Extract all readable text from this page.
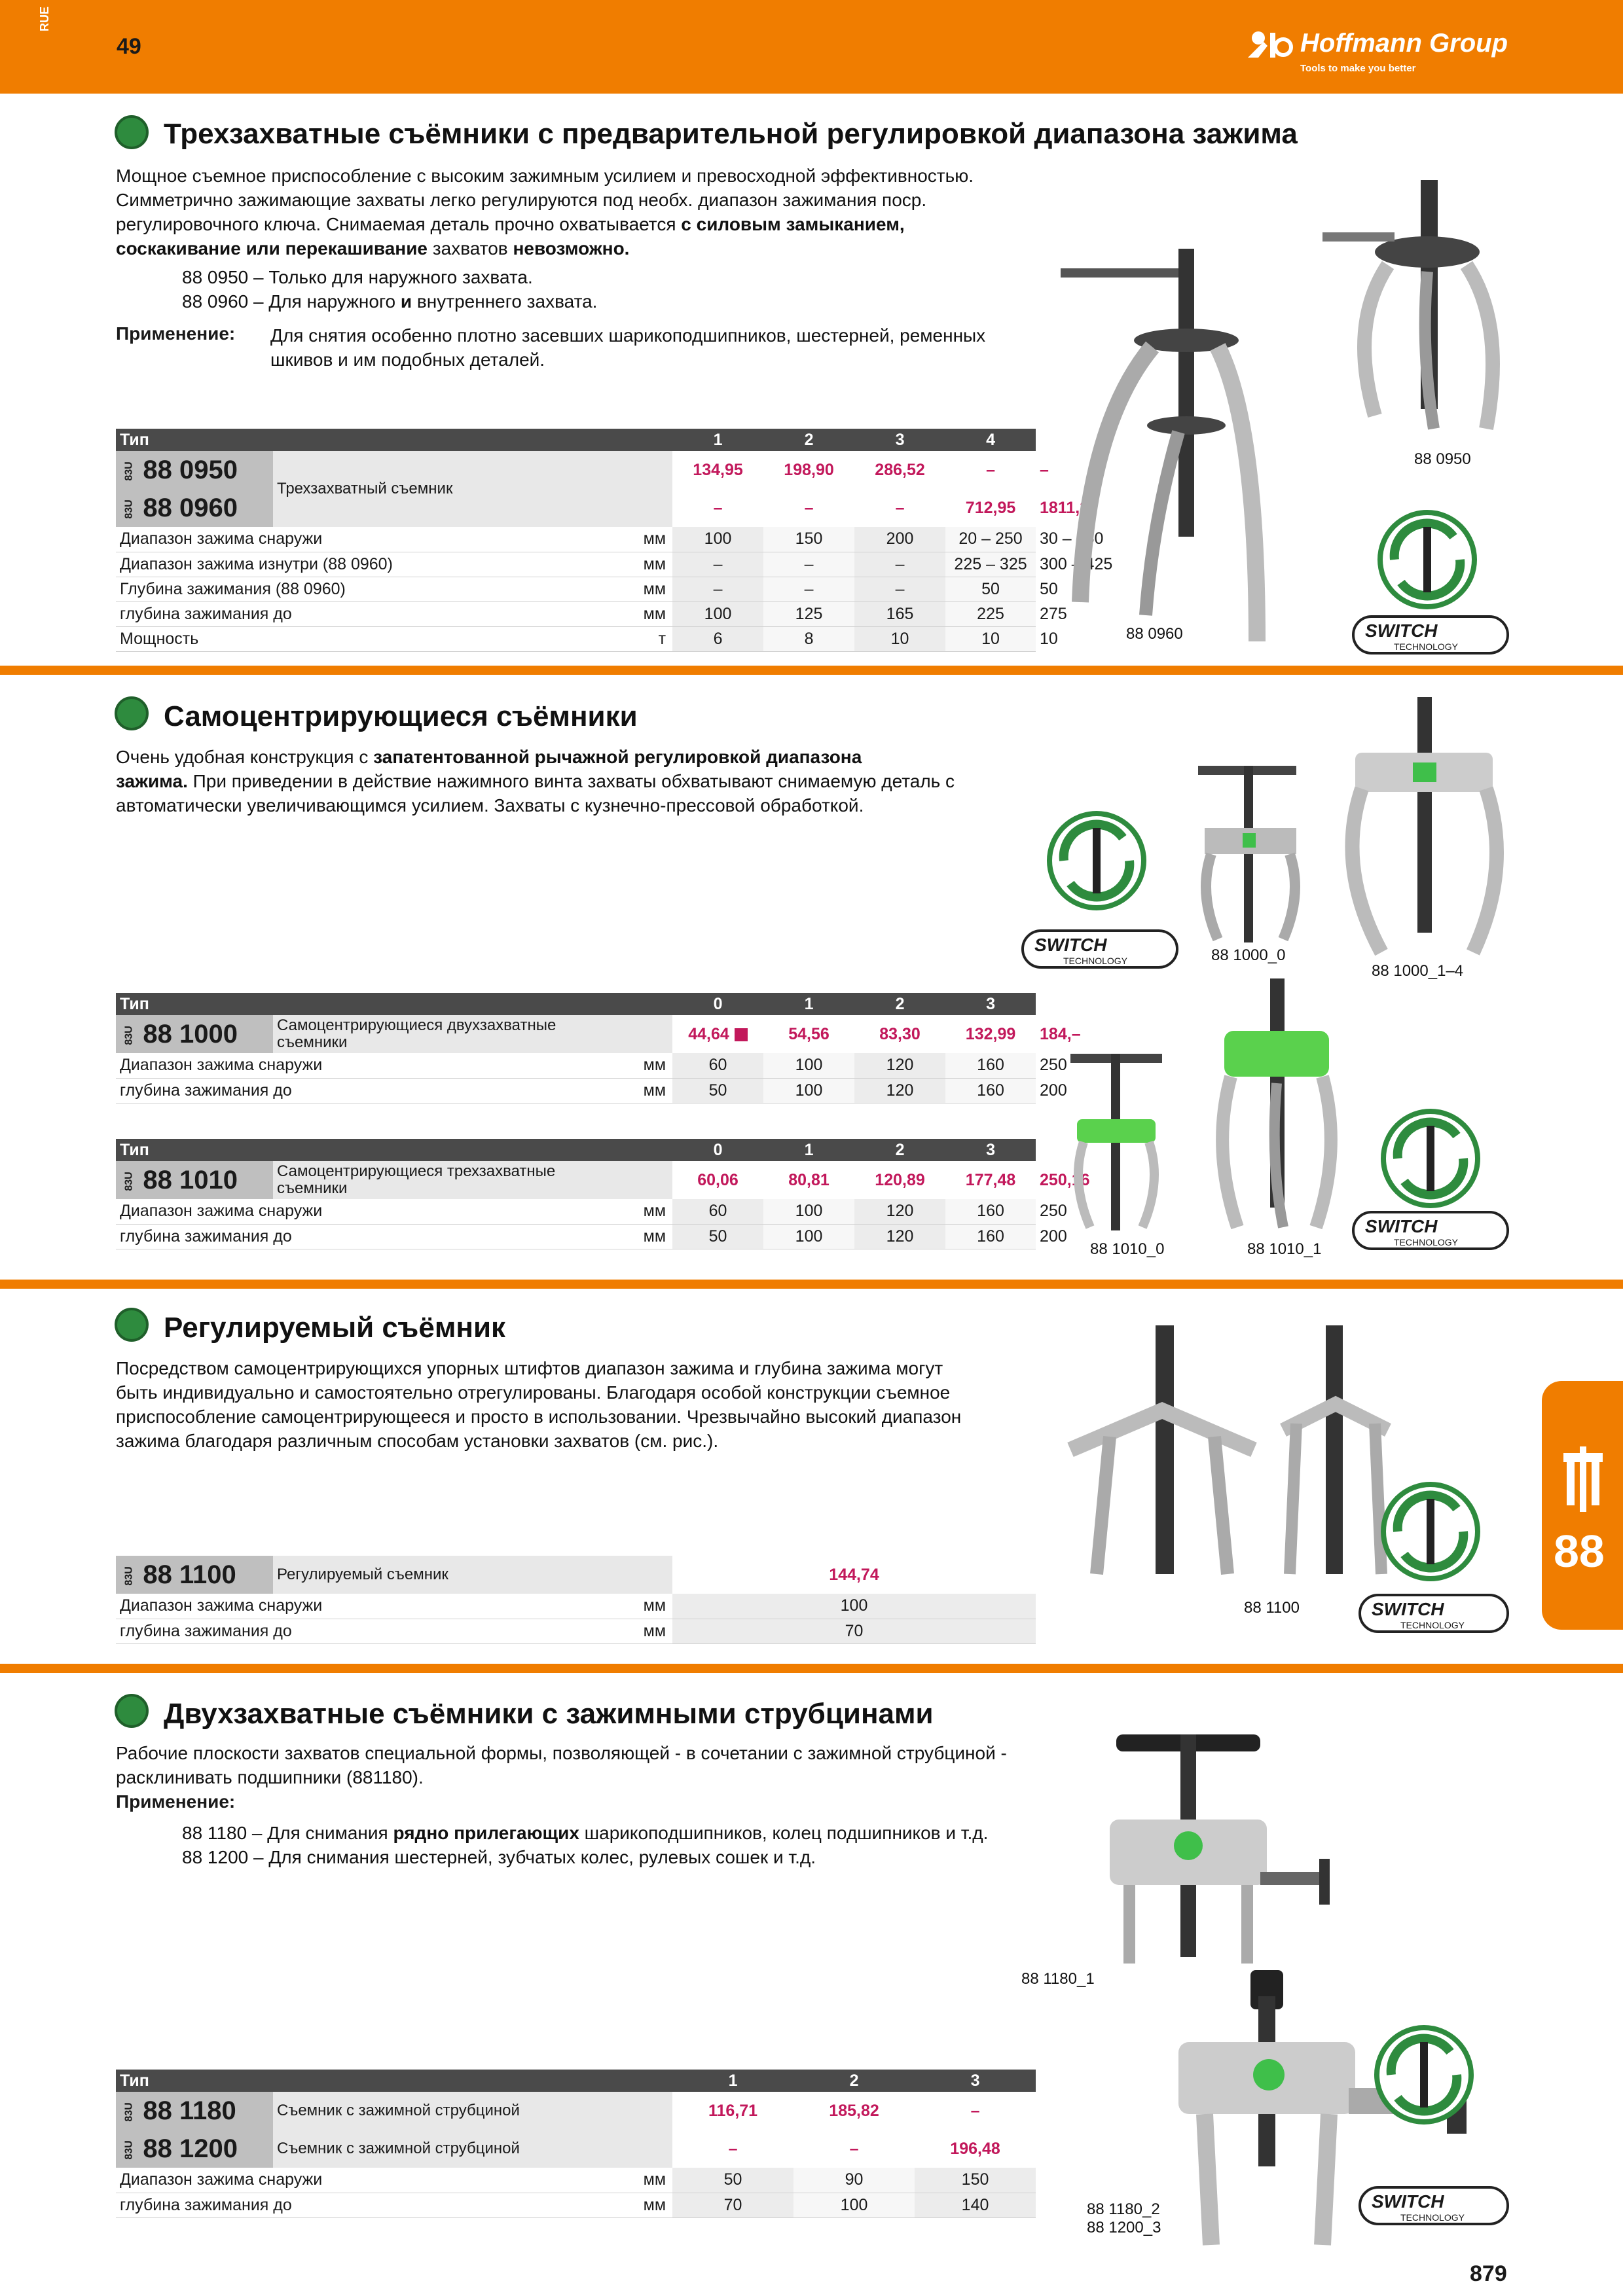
RUE
49	Hoffmann Group
Tools to make you better
Трехзахватные съёмники с предварительной регулировкой диапазона зажима
Мощное съемное приспособление с высоким зажимным усилием и превосходной эффективностью.
Симметрично зажимающие захваты легко регулируются под необх. диапазон зажимания поср.
регулировочного ключа. Снимаемая деталь прочно охватывается с силовым замыканием,
соскакивание или перекашивание захватов невозможно.
88 0950 – Только для наружного захвата.
88 0960 – Для наружного и внутреннего захвата.
Применение: Для снятия особенно плотно засевших шарикоподшипников, шестерней, ременных
шкивов и им подобных деталей.
Тип			1	2	3	4	5
83U 88 0950	Трехзахватный съемник		134,95	198,90	286,52	–	–
83U 88 0960			–	–	–	712,95	1811,20
Диапазон зажима снаружи		мм	100	150	200	20 – 250	30 – 350
Диапазон зажима изнутри (88 0960)		мм	–	–	–	225 – 325	300 – 425
Глубина зажимания (88 0960)		мм	–	–	–	50	50
глубина зажимания до		мм	100	125	165	225	275
Мощность		т	6	8	10	10	10
88 0950
88 0960	SWITCH
TECHNOLOGY
Самоцентрирующиеся съёмники
Очень удобная конструкция с запатентованной рычажной регулировкой диапазона
зажима. При приведении в действие нажимного винта захваты обхватывают снимаемую деталь с
автоматически увеличивающимся усилием. Захваты с кузнечно-прессовой обработкой.
Тип			0	1	2	3	4
83U 88 1000	Самоцентрирующиеся двухзахватные
съемники		44,64	54,56	83,30	132,99	184,–
Диапазон зажима снаружи		мм	60	100	120	160	250
глубина зажимания до		мм	50	100	120	160	200
Тип			0	1	2	3	4
83U 88 1010	Самоцентрирующиеся трехзахватные
съемники		60,06	80,81	120,89	177,48	250,16
Диапазон зажима снаружи		мм	60	100	120	160	250
глубина зажимания до		мм	50	100	120	160	200
SWITCH
TECHNOLOGY	88 1000_0
88 1000_1–4
88 1010_0	88 1010_1
SWITCH
TECHNOLOGY
Регулируемый съёмник
Посредством самоцентрирующихся упорных штифтов диапазон зажима и глубина зажима могут
быть индивидуально и самостоятельно отрегулированы. Благодаря особой конструкции съемное
приспособление самоцентрирующееся и просто в использовании. Чрезвычайно высокий диапазон
зажима благодаря различным способам установки захватов (см. рис.).
83U 88 1100	Регулируемый съемник		144,74
Диапазон зажима снаружи		мм	100
глубина зажимания до		мм	70
88 1100	SWITCH
TECHNOLOGY
88
Двухзахватные съёмники с зажимными струбцинами
Рабочие плоскости захватов специальной формы, позволяющей - в сочетании с зажимной струбциной -
расклинивать подшипники (881180).
Применение:
88 1180 – Для снимания рядно прилегающих шарикоподшипников, колец подшипников и т.д.
88 1200 – Для снимания шестерней, зубчатых колес, рулевых сошек и т.д.
Тип			1	2	3
83U 88 1180	Съемник с зажимной струбциной		116,71	185,82	–
83U 88 1200	Съемник с зажимной струбциной		–	–	196,48
Диапазон зажима снаружи		мм	50	90	150
глубина зажимания до		мм	70	100	140
88 1180_1
SWITCH
TECHNOLOGY
88 1180_2
88 1200_3
879
